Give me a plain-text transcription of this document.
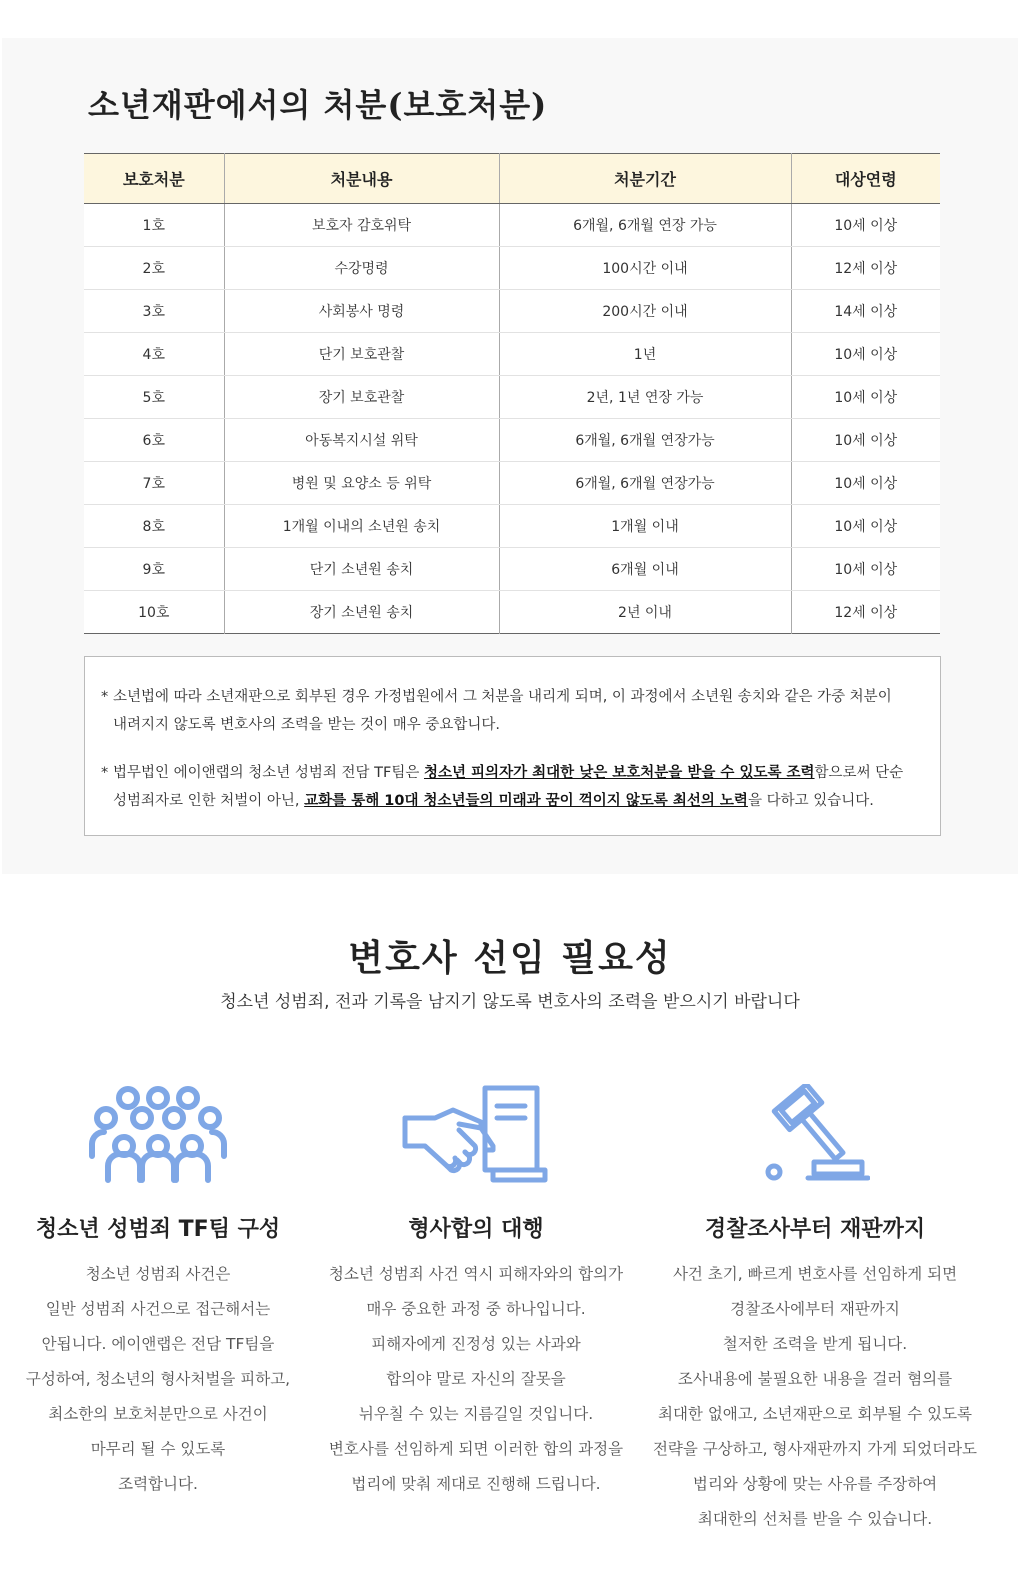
소년재판에서의 처분(보호처분)
보호처분	처분내용	처분기간	대상연령
1호	보호자 감호위탁	6개월, 6개월 연장 가능	10세 이상
2호	수강명령	100시간 이내	12세 이상
3호	사회봉사 명령	200시간 이내	14세 이상
4호	단기 보호관찰	1년	10세 이상
5호	장기 보호관찰	2년, 1년 연장 가능	10세 이상
6호	아동복지시설 위탁	6개월, 6개월 연장가능	10세 이상
7호	병원 및 요양소 등 위탁	6개월, 6개월 연장가능	10세 이상
8호	1개월 이내의 소년원 송치	1개월 이내	10세 이상
9호	단기 소년원 송치	6개월 이내	10세 이상
10호	장기 소년원 송치	2년 이내	12세 이상

* 소년법에 따라 소년재판으로 회부된 경우 가정법원에서 그 처분을 내리게 되며, 이 과정에서 소년원 송치와 같은 가중 처분이
내려지지 않도록 변호사의 조력을 받는 것이 매우 중요합니다.

* 법무법인 에이앤랩의 청소년 성범죄 전담 TF팀은 청소년 피의자가 최대한 낮은 보호처분을 받을 수 있도록 조력함으로써 단순
성범죄자로 인한 처벌이 아닌, 교화를 통해 10대 청소년들의 미래과 꿈이 꺽이지 않도록 최선의 노력을 다하고 있습니다.

변호사 선임 필요성

청소년 성범죄, 전과 기록을 남지기 않도록 변호사의 조력을 받으시기 바랍니다

청소년 성범죄 TF팀 구성
청소년 성범죄 사건은
일반 성범죄 사건으로 접근해서는
안됩니다. 에이앤랩은 전담 TF팀을
구성하여, 청소년의 형사처벌을 피하고,
최소한의 보호처분만으로 사건이
마무리 될 수 있도록
조력합니다.
형사합의 대행
청소년 성범죄 사건 역시 피해자와의 합의가
매우 중요한 과정 중 하나입니다.
피해자에게 진정성 있는 사과와
합의야 말로 자신의 잘못을
뉘우칠 수 있는 지름길일 것입니다.
변호사를 선임하게 되면 이러한 합의 과정을
법리에 맞춰 제대로 진행해 드립니다.
경찰조사부터 재판까지
사건 초기, 빠르게 변호사를 선임하게 되면
경찰조사에부터 재판까지
철저한 조력을 받게 됩니다.
조사내용에 불필요한 내용을 걸러 혐의를
최대한 없애고, 소년재판으로 회부될 수 있도록
전략을 구상하고, 형사재판까지 가게 되었더라도
법리와 상황에 맞는 사유를 주장하여
최대한의 선처를 받을 수 있습니다.
